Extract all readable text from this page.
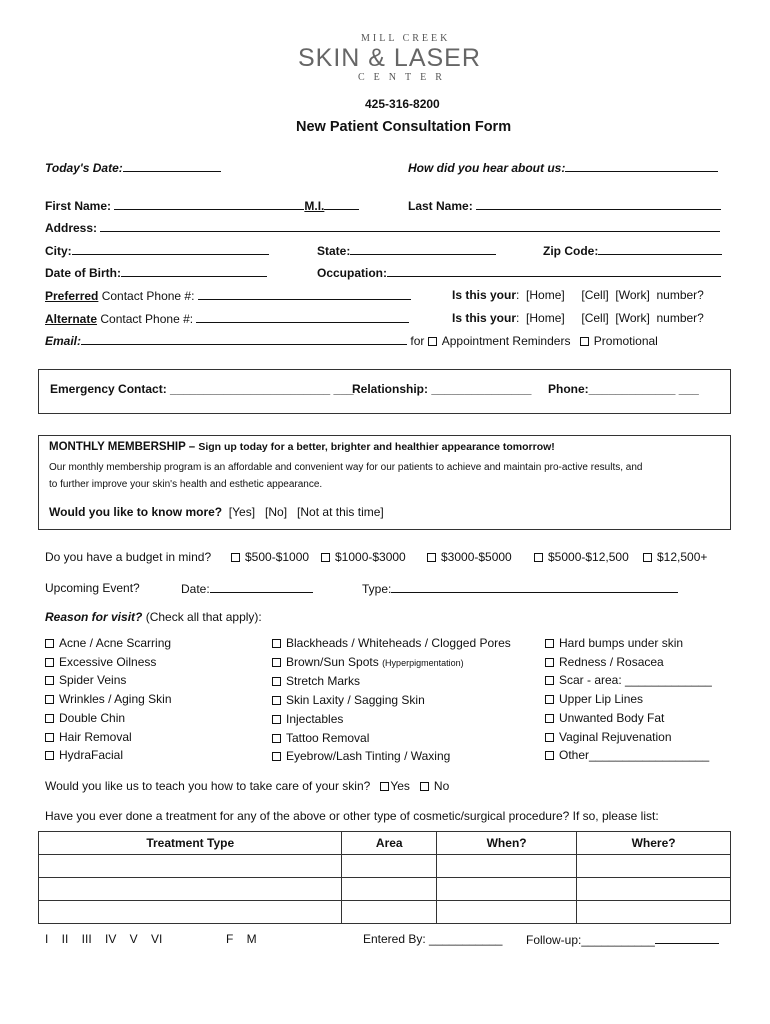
MILL CREEK
SKIN & LASER
CENTER
425-316-8200
New Patient Consultation Form
Today's Date:	How did you hear about us:
First Name:	M.I.	Last Name:
Address:
City:	State:	Zip Code:
Date of Birth:	Occupation:
Preferred Contact Phone #:	Is this your:  [Home]     [Cell]  [Work]  number?
Alternate Contact Phone #:	Is this your:  [Home]     [Cell]  [Work]  number?
Email:	for Appointment Reminders Promotional
Emergency Contact: ________________________ ___
Relationship: _______________ Phone:_____________ ___
MONTHLY MEMBERSHIP – Sign up today for a better, brighter and healthier appearance tomorrow!
Our monthly membership program is an affordable and convenient way for our patients to achieve and maintain pro-active results, and
to further improve your skin's health and esthetic appearance.
Would you like to know more? [Yes]   [No]   [Not at this time]
Do you have a budget in mind?	$500-$1000	$1000-$3000	$3000-$5000	$5000-$12,500	$12,500+
Upcoming Event?	Date:	Type:
Reason for visit? (Check all that apply):
Acne / Acne Scarring
Excessive Oilness
Spider Veins
Wrinkles / Aging Skin
Double Chin
Hair Removal
HydraFacial
Blackheads / Whiteheads / Clogged Pores
Brown/Sun Spots (Hyperpigmentation)
Stretch Marks
Skin Laxity / Sagging Skin
Injectables
Tattoo Removal
Eyebrow/Lash Tinting / Waxing
Hard bumps under skin
Redness / Rosacea
Scar - area: _____________
Upper Lip Lines
Unwanted Body Fat
Vaginal Rejuvenation
Other__________________
Would you like us to teach you how to take care of your skin? Yes No
Have you ever done a treatment for any of the above or other type of cosmetic/surgical procedure? If so, please list:
Treatment Type	Area	When?	Where?

I    II    III    IV    V    VI	F    M	Entered By: ___________ Follow-up:___________
